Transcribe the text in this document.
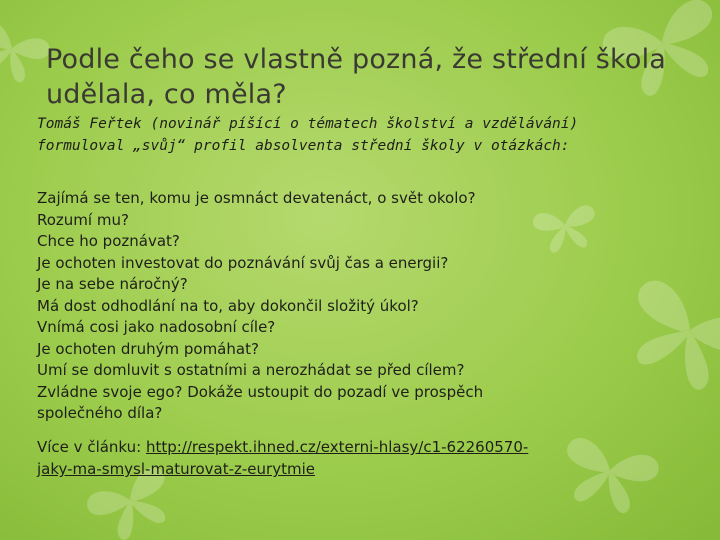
Podle čeho se vlastně pozná, že střední škola udělala, co měla?
Tomáš Feřtek (novinář píšící o tématech školství a vzdělávání)
formuloval „svůj“ profil absolventa střední školy v otázkách:
Zajímá se ten, komu je osmnáct devatenáct, o svět okolo?
Rozumí mu?
Chce ho poznávat?
Je ochoten investovat do poznávání svůj čas a energii?
Je na sebe náročný?
Má dost odhodlání na to, aby dokončil složitý úkol?
Vnímá cosi jako nadosobní cíle?
Je ochoten druhým pomáhat?
Umí se domluvit s ostatními a nerozhádat se před cílem?
Zvládne svoje ego? Dokáže ustoupit do pozadí ve prospěch
společného díla?
Více v článku: http://respekt.ihned.cz/externi-hlasy/c1-62260570-
jaky-ma-smysl-maturovat-z-eurytmie
